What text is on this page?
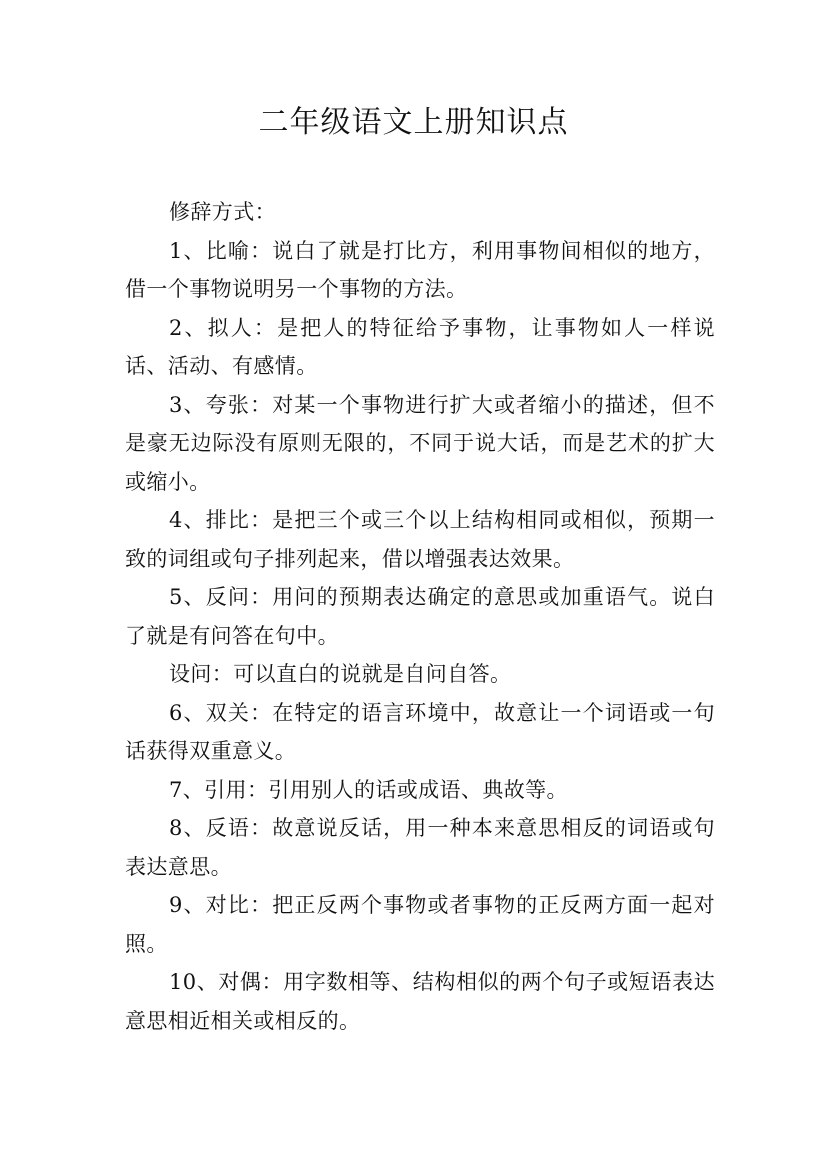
二年级语文上册知识点

修辞方式：

1、比喻：说白了就是打比方，利用事物间相似的地方，借一个事物说明另一个事物的方法。

2、拟人：是把人的特征给予事物，让事物如人一样说话、活动、有感情。

3、夸张：对某一个事物进行扩大或者缩小的描述，但不是豪无边际没有原则无限的，不同于说大话，而是艺术的扩大或缩小。

4、排比：是把三个或三个以上结构相同或相似，预期一致的词组或句子排列起来，借以增强表达效果。

5、反问：用问的预期表达确定的意思或加重语气。说白了就是有问答在句中。

设问：可以直白的说就是自问自答。

6、双关：在特定的语言环境中，故意让一个词语或一句话获得双重意义。

7、引用：引用别人的话或成语、典故等。

8、反语：故意说反话，用一种本来意思相反的词语或句表达意思。

9、对比：把正反两个事物或者事物的正反两方面一起对照。

10、对偶：用字数相等、结构相似的两个句子或短语表达意思相近相关或相反的。
